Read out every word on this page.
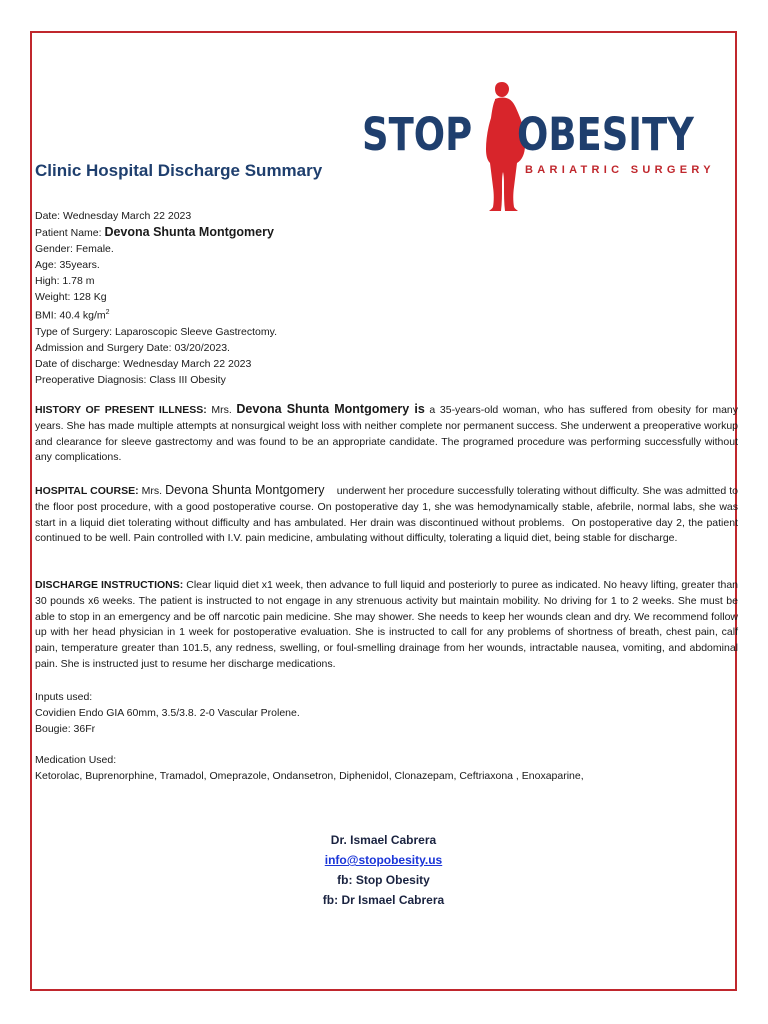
STOP OBESITY
BARIATRIC SURGERY
Clinic Hospital Discharge Summary
Date: Wednesday March 22 2023
Patient Name: Devona Shunta Montgomery
Gender: Female.
Age: 35years.
High: 1.78 m
Weight: 128 Kg
BMI: 40.4 $kg/m^2$
Type of Surgery: Laparoscopic Sleeve Gastrectomy.
Admission and Surgery Date: 03/20/2023.
Date of discharge: Wednesday March 22 2023
Preoperative Diagnosis: Class III Obesity
HISTORY OF PRESENT ILLNESS: Mrs. Devona Shunta Montgomery is a 35-years-old woman, who has suffered from obesity for many years. She has made multiple attempts at nonsurgical weight loss with neither complete nor permanent success. She underwent a preoperative workup and clearance for sleeve gastrectomy and was found to be an appropriate candidate. The programed procedure was performing successfully without any complications.
HOSPITAL COURSE: Mrs. Devona Shunta Montgomery    underwent her procedure successfully tolerating without difficulty. She was admitted to the floor post procedure, with a good postoperative course. On postoperative day 1, she was hemodynamically stable, afebrile, normal labs, she was start in a liquid diet tolerating without difficulty and has ambulated. Her drain was discontinued without problems.  On postoperative day 2, the patient continued to be well. Pain controlled with I.V. pain medicine, ambulating without difficulty, tolerating a liquid diet, being stable for discharge.
DISCHARGE INSTRUCTIONS: Clear liquid diet x1 week, then advance to full liquid and posteriorly to puree as indicated. No heavy lifting, greater than 30 pounds x6 weeks. The patient is instructed to not engage in any strenuous activity but maintain mobility. No driving for 1 to 2 weeks. She must be able to stop in an emergency and be off narcotic pain medicine. She may shower. She needs to keep her wounds clean and dry. We recommend follow up with her head physician in 1 week for postoperative evaluation. She is instructed to call for any problems of shortness of breath, chest pain, calf pain, temperature greater than 101.5, any redness, swelling, or foul-smelling drainage from her wounds, intractable nausea, vomiting, and abdominal pain. She is instructed just to resume her discharge medications.
Inputs used:
Covidien Endo GIA 60mm, 3.5/3.8. 2-0 Vascular Prolene.
Bougie: 36Fr
Medication Used:
Ketorolac, Buprenorphine, Tramadol, Omeprazole, Ondansetron, Diphenidol, Clonazepam, Ceftriaxona , Enoxaparine,
Dr. Ismael Cabrera
info@stopobesity.us
fb: Stop Obesity
fb: Dr Ismael Cabrera
